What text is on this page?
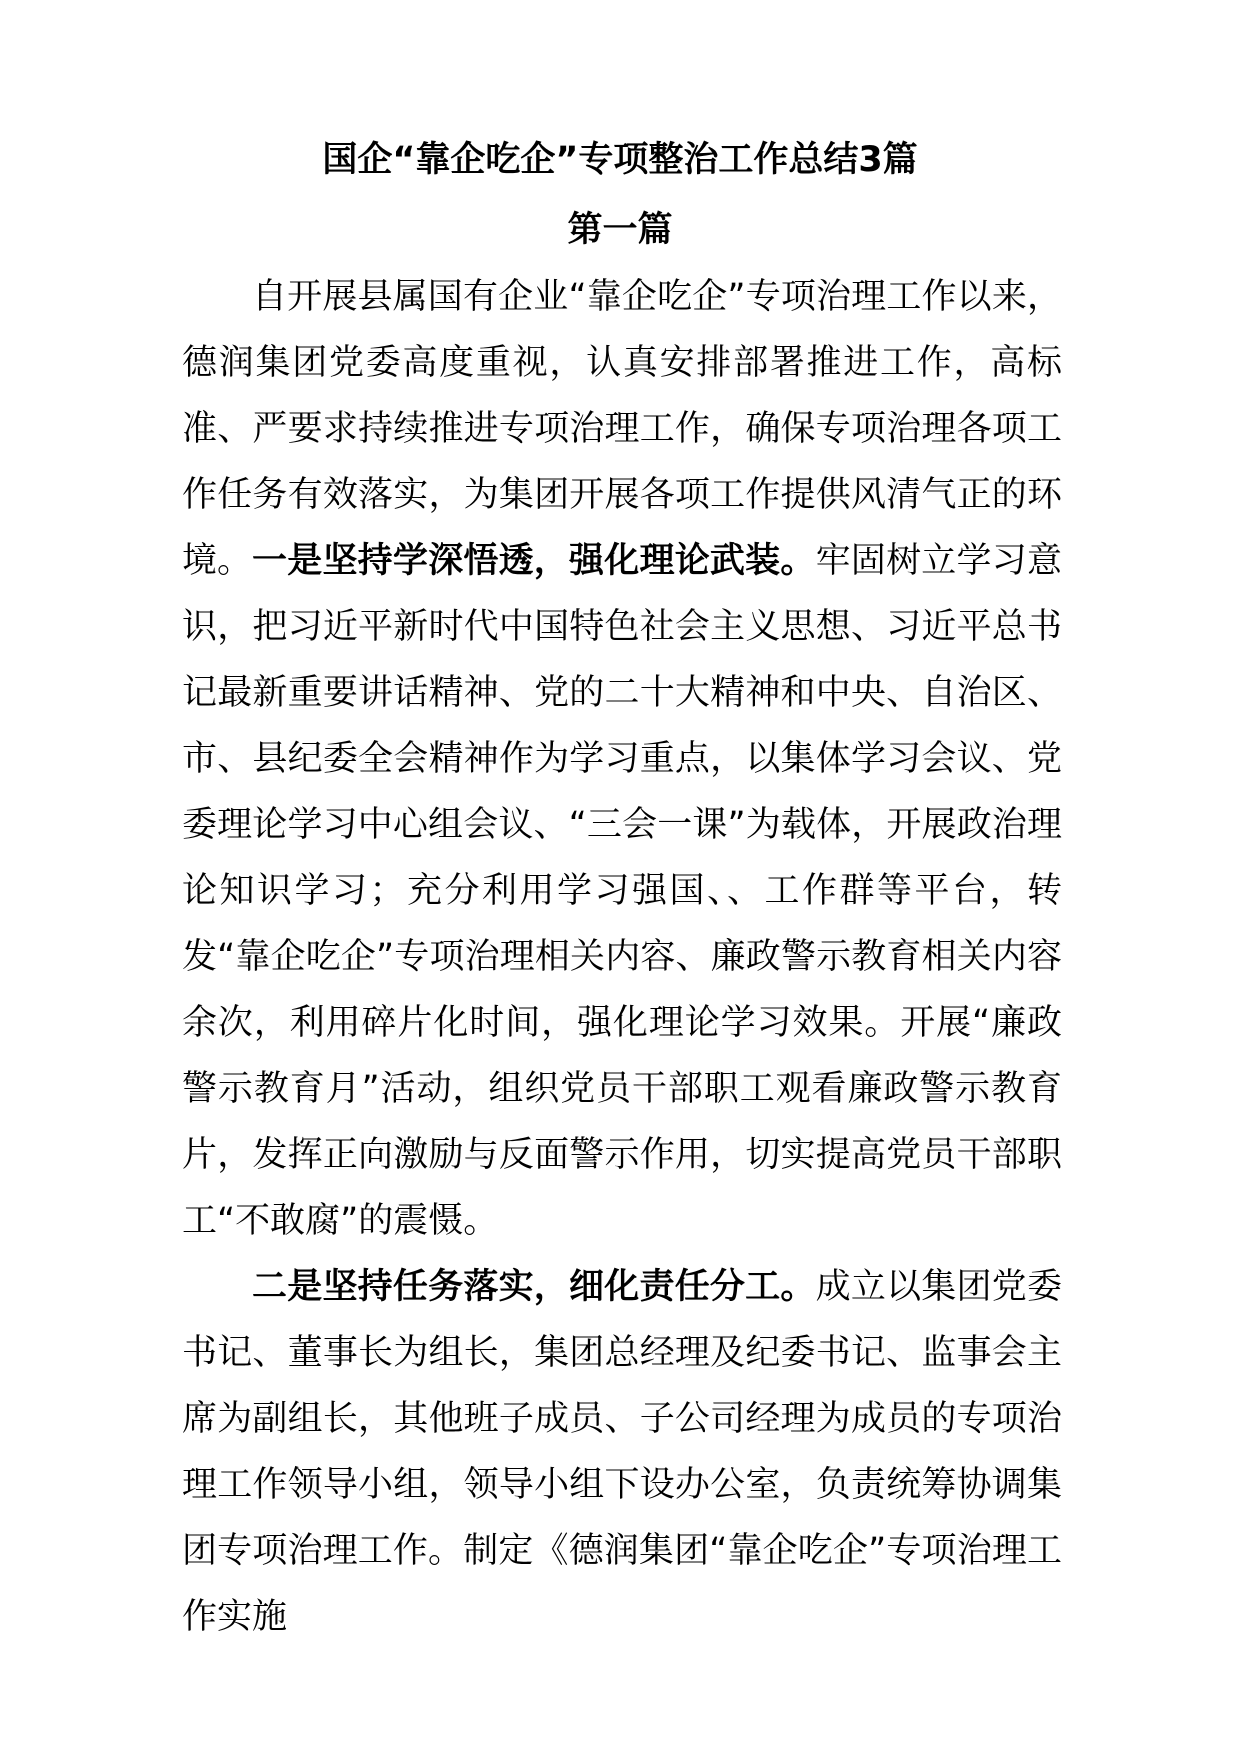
国企“靠企吃企”专项整治工作总结3篇
第一篇

自开展县属国有企业“靠企吃企”专项治理工作以来，德润集团党委高度重视，认真安排部署推进工作，高标准、严要求持续推进专项治理工作，确保专项治理各项工作任务有效落实，为集团开展各项工作提供风清气正的环境。 一是坚持学深悟透，强化理论武装。牢固树立学习意识，把习近平新时代中国特色社会主义思想、习近平总书记最新重要讲话精神、党的二十大精神和中央、自治区、市、县纪委全会精神作为学习重点，以集体学习会议、党委理论学习中心组会议、“三会一课”为载体，开展政治理论知识学习；充分利用学习强国、、工作群等平台，转发“靠企吃企”专项治理相关内容、廉政警示教育相关内容余次，利用碎片化时间，强化理论学习效果。开展“廉政警示教育月”活动，组织党员干部职工观看廉政警示教育片，发挥正向激励与反面警示作用，切实提高党员干部职工“不敢腐”的震慑。

二是坚持任务落实，细化责任分工。成立以集团党委书记、董事长为组长，集团总经理及纪委书记、监事会主席为副组长，其他班子成员、子公司经理为成员的专项治理工作领导小组，领导小组下设办公室，负责统筹协调集团专项治理工作。制定《德润集团“靠企吃企”专项治理工作实施
